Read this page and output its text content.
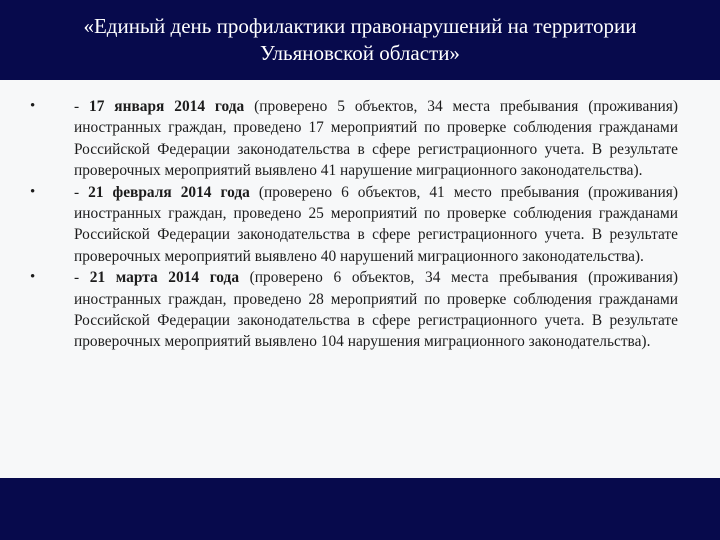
«Единый день профилактики правонарушений на территории
Ульяновской области»
•	- 17 января 2014 года (проверено 5 объектов, 34 места пребывания (проживания) иностранных граждан, проведено 17 мероприятий по проверке соблюдения гражданами Российской Федерации законодательства в сфере регистрационного учета. В результате проверочных мероприятий выявлено 41 нарушение миграционного законодательства).
•	- 21 февраля 2014 года (проверено 6 объектов, 41 место пребывания (проживания) иностранных граждан, проведено 25 мероприятий по проверке соблюдения гражданами Российской Федерации законодательства в сфере регистрационного учета. В результате проверочных мероприятий выявлено 40 нарушений миграционного законодательства).
•	- 21 марта 2014 года (проверено 6 объектов, 34 места пребывания (проживания) иностранных граждан, проведено 28 мероприятий по проверке соблюдения гражданами Российской Федерации законодательства в сфере регистрационного учета. В результате проверочных мероприятий выявлено 104 нарушения миграционного законодательства).
